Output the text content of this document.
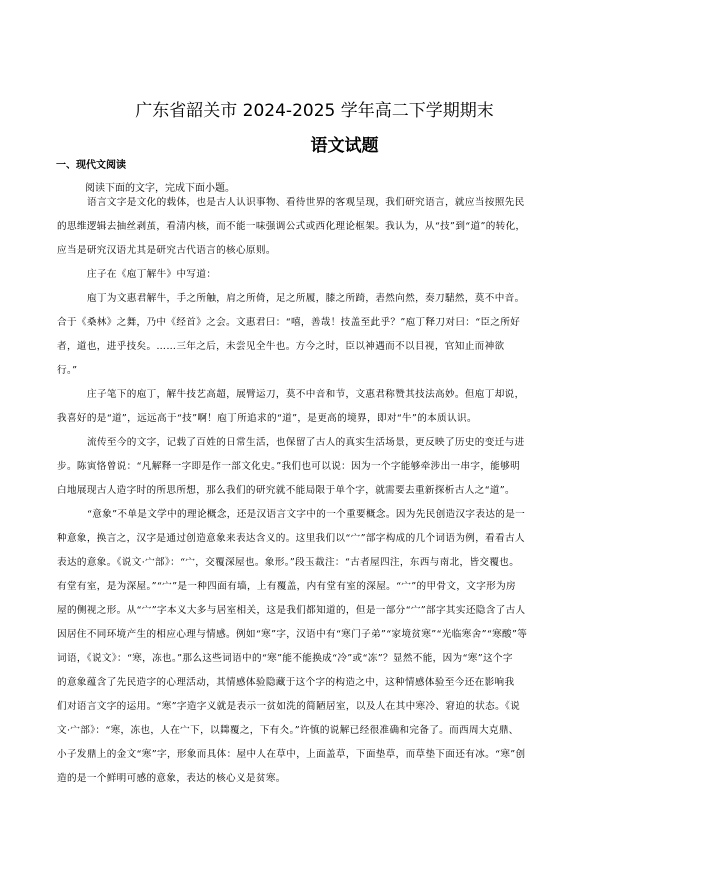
广东省韶关市 2024-2025 学年高二下学期期末
语文试题
一、现代文阅读
阅读下面的文字，完成下面小题。
语言文字是文化的载体，也是古人认识事物、看待世界的客观呈现，我们研究语言，就应当按照先民
的思维逻辑去抽丝剥茧，看清内核，而不能一味强调公式或西化理论框架。我认为，从“技”到“道”的转化，
应当是研究汉语尤其是研究古代语言的核心原则。
庄子在《庖丁解牛》中写道：
庖丁为文惠君解牛，手之所触，肩之所倚，足之所履，膝之所踦，砉然向然，奏刀騞然，莫不中音。
合于《桑林》之舞，乃中《经首》之会。文惠君曰：“嘻，善哉！技盖至此乎？”庖丁释刀对曰：“臣之所好
者，道也，进乎技矣。……三年之后，未尝见全牛也。方今之时，臣以神遇而不以目视，官知止而神欲
行。”
庄子笔下的庖丁，解牛技艺高超，展臂运刀，莫不中音和节，文惠君称赞其技法高妙。但庖丁却说，
我喜好的是“道”，远远高于“技”啊！庖丁所追求的“道”，是更高的境界，即对“牛”的本质认识。
流传至今的文字，记载了百姓的日常生活，也保留了古人的真实生活场景，更反映了历史的变迁与进
步。陈寅恪曾说：“凡解释一字即是作一部文化史。”我们也可以说：因为一个字能够牵涉出一串字，能够明
白地展现古人造字时的所思所想，那么我们的研究就不能局限于单个字，就需要去重新探析古人之“道”。
“意象”不单是文学中的理论概念，还是汉语言文字中的一个重要概念。因为先民创造汉字表达的是一
种意象，换言之，汉字是通过创造意象来表达含义的。这里我们以“宀”部字构成的几个词语为例，看看古人
表达的意象。《说文·宀部》：“宀，交覆深屋也。象形。”段玉裁注：“古者屋四注，东西与南北，皆交覆也。
有堂有室，是为深屋。”“宀”是一种四面有墙，上有覆盖，内有堂有室的深屋。“宀”的甲骨文，文字形为房
屋的侧视之形。从“宀”字本义大多与居室相关，这是我们都知道的，但是一部分“宀”部字其实还隐含了古人
因居住不同环境产生的相应心理与情感。例如“寒”字，汉语中有“寒门子弟”“家境贫寒”“光临寒舍”“寒酸”等
词语，《说文》：“寒，冻也。”那么这些词语中的“寒”能不能换成“冷”或“冻”？显然不能，因为“寒”这个字
的意象蕴含了先民造字的心理活动，其情感体验隐藏于这个字的构造之中，这种情感体验至今还在影响我
们对语言文字的运用。“寒”字造字义就是表示一贫如洗的简陋居室，以及人在其中寒冷、窘迫的状态。《说
文·宀部》：“寒，冻也，人在宀下，以茻覆之，下有仌。”许慎的说解已经很准确和完备了。而西周大克鼎、
小子发鼎上的金文“寒”字，形象而具体：屋中人在草中，上面盖草，下面垫草，而草垫下面还有冰。“寒”创
造的是一个鲜明可感的意象，表达的核心义是贫寒。
